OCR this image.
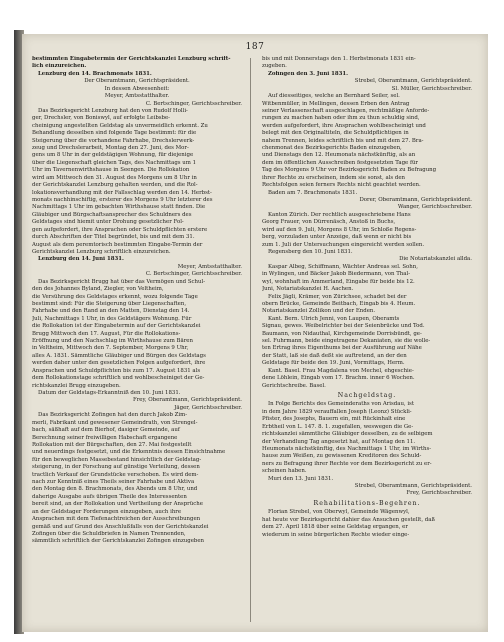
187
bestimmten Eingabetermin der Gerichtskanzlei Lenzburg schrift-
lich einzureichen.
Lenzburg den 14. Brachmonats 1831.
Der Oberamtmann, Gerichtspräsident.
In dessen Abwesenheit:
Meyer, Amtsstatthalter.
C. Bertschinger, Gerichtsschreiber.
Das Bezirksgericht Lenzburg hat den von Rudolf Holli-
ger, Drechsler, von Boniswyl, auf erfolgte Leibsbe-
cheinigung angestellten Geldstag als unvermeidlich erkennt. Zu
Behandlung desselben sind folgende Tage bestimmt: für die
Steigerung über die vorhandene Fahrhabe, Drechslerwerk-
zeug und Drechslerarbeit, Montag den 27. Juni, des Mor-
gens um 8 Uhr in der geldstägigen Wohnung, für diejenige
über die Liegenschaft gleichen Tags, des Nachmittags um 1
Uhr im Tavernenwirthshause in Seengen. Die Rollokation
wird am Mittwoch den 31. August des Morgens um 8 Uhr in
der Gerichtskanzlei Lenzburg gehalten werden, und die Rol-
lokationsverhandlung mit der Fallsschlag werden den 14. Herbst-
monats nachhinschiftig, ersterer des Morgens 9 Uhr letzterer des
Nachmittags 1 Uhr im gebachten Wirthshause statt finden. Die
Gläubiger und Bürgschaftsansprecher des Schuldners des
Geldstages sind hiemit unter Drohung gesetzlicher Fol-
gen aufgefordert, ihre Ansprachen oder Schuldpflichten erstere
durch Abschriften der Titel begründet, bis und mit dem 31.
August als dem peremtorisch bestimmten Eingabe-Termin der
Gerichtskanzlei Lenzburg schriftlich einzureichen.
Lenzburg den 14. Juni 1831.
Meyer, Amtsstatthalter.
C. Bertschinger, Gerichtsschreiber.
Das Bezirksgericht Brugg hat über das Vermögen und Schul-
den des Johannes Byland, Ziegler, von Veltheim,
die Versührung des Geldstages erkennt, wozu folgende Tage
bestimmt sind: Für die Steigerung über Liegenschaften,
Fahrhabe und den Rand an den Matten, Dienstag den 14.
Juli, Nachmittags 1 Uhr, in des Geldstägers Wohnung. Für
die Rollokation ist der Eingabetermin auf der Gerichtskanzlei
Brugg Mittwoch den 17. August, Für die Rollokations-
Eröffnung und den Nachschlag im Wirthshause zum Bären
in Veltheim, Mittwoch den 7. September, Morgens 9 Uhr,
alles A. 1831. Sämmtliche Gläubiger und Bürgen des Geldstags
werden daher unter den gesetzlichen Folgen aufgefordert, ihre
Ansprachen und Schuldpflichten bis zum 17. August 1831 als
dem Rollokationstage schriftlich und wohlbescheiniget der Ge-
richtskanzlei Brugg einzugeben.
Datum der Geldstags-Erkanntniß den 10. Juni 1831.
Frey, Oberamtmann, Gerichtspräsident.
Jäger, Gerichtsschreiber.
Das Bezirksgericht Zofingen hat den durch Jakob Zim-
merli, Fabrikant und gewesener Gemeindrath, von Strengel-
bach, säßhaft auf dem Bierhof, dasiger Gemeinde, auf
Berechnung seiner freiwilligen Habschaft ergangene
Rollokation mit der Bürgschaften, den 27. Mai festgestellt
und neuerdings festgesetzt, und die Erkenntnis dessen Einsichtnahme
für den beweglichen Massebestand hinsichtlich der Geldstag-
steigerung, in der Forschung auf günstige Verteilung, dessen
tractlich Verkauf der Grundstücke verschoben. Es wird dem-
nach zur Kenntniß eines Theils seiner Fahrhabe und Aktiva
den Montag den 8. Brachmonats, des Abends um 8 Uhr, und
daherige Ausgabe aufs übrigen Theile des Interessenten
bereit sind, an der Rollokation und Vertheilung der Ansprüche
an der Geldstager Forderungen einzugeben, auch ihre
Ansprachen mit dem Tiefenachtreichen der Ausschreibungen
gemäß und auf Grund des Anschlußfalls von der Gerichtskanzlei
Zofingen über die Schuldbriefen in Namen Trennenden,
sämmtlich schriftlich der Gerichtskanzlei Zofingen einzugeben
bis und mit Donnerstags den 1. Herbstmonats 1831 ein-
zugeben.
Zofingen den 3. Juni 1831.
Strebel, Oberamtmann, Gerichtspräsident.
Sl. Müller, Gerichtsschreiber.
Auf diesseitiges, welche an Bernhard Seiler, sel.
Witbenmüller, in Mellingen, dessen Erben den Antrag
seiner Verlassenschaft ausgeschlagen, rechtmäßige Anforde-
rungen zu machen haben oder ihm zu thun schuldig sind,
werden aufgefordert, ihre Ansprachen wohlbescheinigt und
belegt mit den Originaltiteln, die Schuldpflichtigen in
nahem Trennen, leides schriftlich bis und mit dem 27. Bra-
chenmonat des Bezirksgerichts Baden einzugeben,
und Dienstags den 12. Heumonats nächstkünftig, als an
dem im öffentlichen Ausschreiben festgesetzten Tage für
Tag des Morgens 9 Uhr vor Bezirksgericht Baden zu Befragung
ihrer Rechte zu erscheinen, indem sie sonst, als den
Rechtsfolgen seien ferners Rechts nicht geachtet werden.
Baden am 7. Brachmonats 1831.
Dorer, Oberamtmann, Gerichtspräsident.
Wanger, Gerichtsschreiber.
Kanton Zürich. Der rechtlich ausgeschriebene Hans
Georg Frauer, von Dürrenäsch, Anstoß in Buchs,
wird auf den 9. Juli, Morgens 8 Uhr, im Schloße Regens-
berg, vorzuladen unter Anzeige, daß wenn er nicht bis
zum 1. Juli der Untersuchungen eingereicht werden sollen.
Regensberg den 10. Juni 1831.
Die Notariatskanzlei allda.
Kaspar Albeg, Schiffmann, Wächter Andreas sel. Sohn,
in Wylingen, und Bäcker Jakob Biedermann, von Thal-
wyl, wohnhaft im Ammerland, Eingabe für beide bis 12.
Juni, Notariatskanzlei H. Aachen.
Felix Jägli, Krämer, von Zürichsee, schadet bei der
obern Brücke, Gemeinde Beitbach, Eingab bis 4. Heum.
Notariatskanzlei Zollikon und der Enden.
Kant. Bern. Ulrich Jenni, von Laupen, Oberamts
Signau, gewes. Weibelrichter bei der Seienbrücke und Tod.
Baumann, von Nidauthal, Kirchgemeinde Dorrisbündt, ge-
sel. Fuhrmann, beide eingetragene Dekaniaten, sie die wolle-
ten Ertrag ihres Eigenthums bei der Ausführung auf Nähe
der Statt, laß sie daß deßt sie auftretend, an der den
Geldstage für beide den 19. Juni, Vormittags, Herm.
Kant. Basel. Frau Magdalena von Mechel, ehgeschie-
dene Löhlein, Eingab vom 17. Brachm. inner 6 Wochen.
Gerichtschreibe. Basel.
Nachgeldstag.
In Folge Berichts des Gemeinderaths von Arisdau, ist
in dem Jahre 1829 verauffallen Joseph (Leonz) Stückli-
Pfister, des Josephs, Bauern ein, mit Rückinhalt eine
Erbtheil von L. 147. 8. 1. zugefallen, weswegen die Ge-
richtskanzlei sämmtliche Gläubiger desselben, zu de selbigem
der Verhandlung Tag angesetzt hat, auf Montag den 11.
Heumonats nächstkünftig, des Nachmittags 1 Uhr, im Wirths-
hause zum Weißen, zu gewissenen Kreditoren des Schuld-
ners zu Befragung ihrer Rechte vor dem Bezirksgericht zu er-
scheinen haben.
Muri den 13. Juni 1831.
Strebel, Oberamtmann, Gerichtspräsident.
Frey, Gerichtsschreiber.
Rehabilitations-Begehren.
Florian Strebel, von Oberwyl, Gemeinde Wägenwyl,
hat heute vor Bezirksgericht dahier das Ansuchen gestellt, daß
dem 27. April 1818 über seine Geldstag ergangen, er
wiederum in seine bürgerlichen Rechte wieder einge-
